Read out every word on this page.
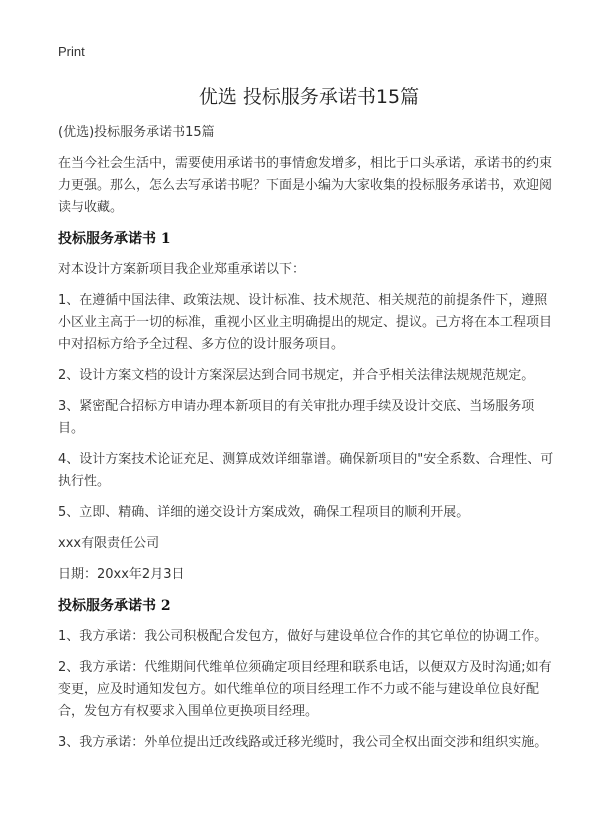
Print
优选 投标服务承诺书15篇

(优选)投标服务承诺书15篇

在当今社会生活中，需要使用承诺书的事情愈发增多，相比于口头承诺，承诺书的约束力更强。那么，怎么去写承诺书呢？下面是小编为大家收集的投标服务承诺书，欢迎阅读与收藏。

投标服务承诺书 1

对本设计方案新项目我企业郑重承诺以下：

1、在遵循中国法律、政策法规、设计标准、技术规范、相关规范的前提条件下，遵照小区业主高于一切的标准，重视小区业主明确提出的规定、提议。己方将在本工程项目中对招标方给予全过程、多方位的设计服务项目。

2、设计方案文档的设计方案深层达到合同书规定，并合乎相关法律法规规范规定。

3、紧密配合招标方申请办理本新项目的有关审批办理手续及设计交底、当场服务项目。

4、设计方案技术论证充足、测算成效详细靠谱。确保新项目的"安全系数、合理性、可执行性。

5、立即、精确、详细的递交设计方案成效，确保工程项目的顺利开展。

xxx有限责任公司

日期：20xx年2月3日

投标服务承诺书 2

1、我方承诺：我公司积极配合发包方，做好与建设单位合作的其它单位的协调工作。

2、我方承诺：代维期间代维单位须确定项目经理和联系电话，以便双方及时沟通;如有变更，应及时通知发包方。如代维单位的项目经理工作不力或不能与建设单位良好配合，发包方有权要求入围单位更换项目经理。

3、我方承诺：外单位提出迁改线路或迁移光缆时，我公司全权出面交涉和组织实施。
